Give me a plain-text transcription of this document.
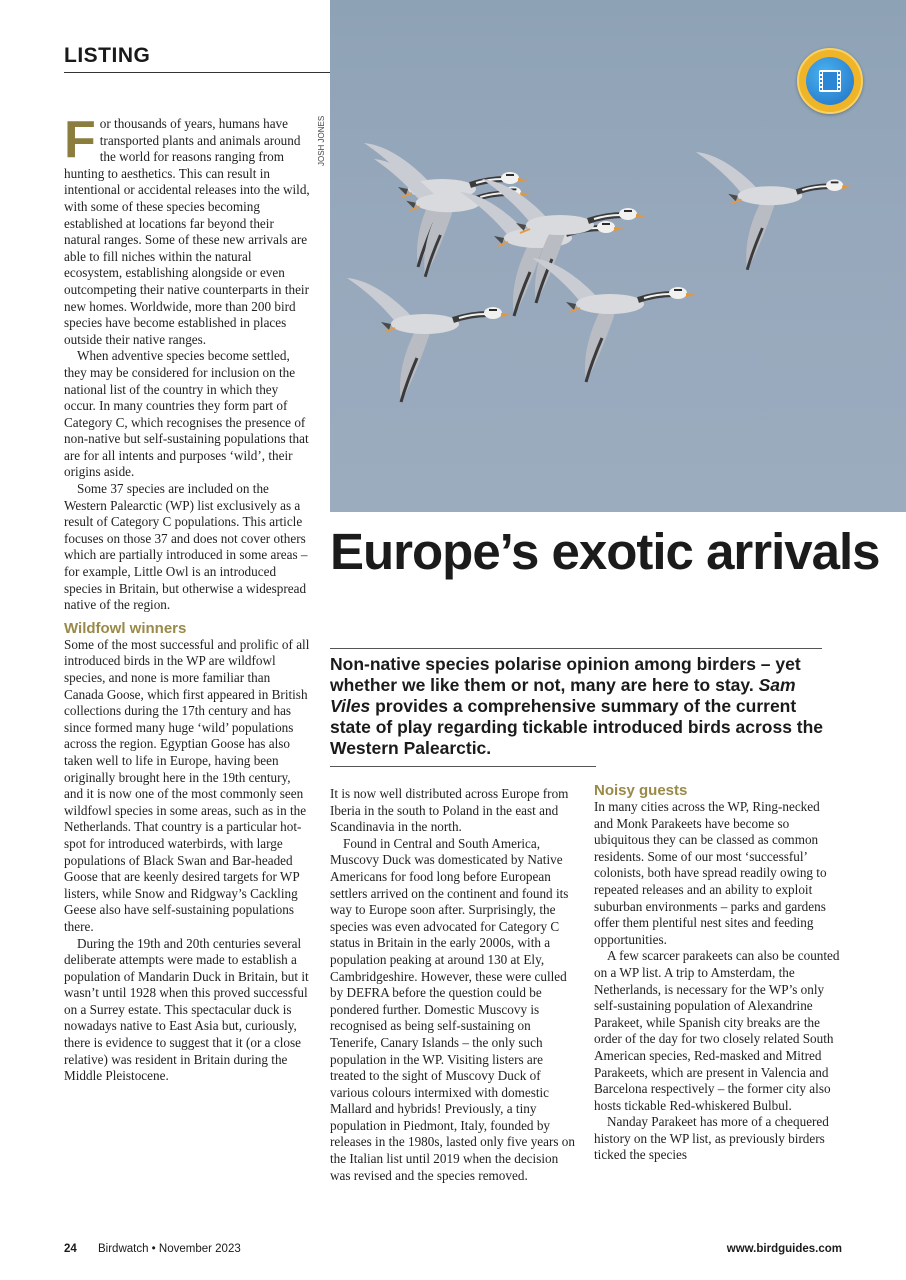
LISTING
JOSH JONES
Europe’s exotic arrivals
Non-native species polarise opinion among birders – yet whether we like them or not, many are here to stay. Sam Viles provides a comprehensive summary of the current state of play regarding tickable introduced birds across the Western Palearctic.

For thousands of years, humans have transported plants and animals around the world for reasons ranging from hunting to aesthetics. This can result in intentional or accidental releases into the wild, with some of these species becoming established at locations far beyond their natural ranges. Some of these new arrivals are able to fill niches within the natural ecosystem, establishing alongside or even outcompeting their native counterparts in their new homes. Worldwide, more than 200 bird species have become established in places outside their native ranges.

When adventive species become settled, they may be considered for inclusion on the national list of the country in which they occur. In many countries they form part of Category C, which recognises the presence of non-native but self-sustaining populations that are for all intents and purposes ‘wild’, their origins aside.

Some 37 species are included on the Western Palearctic (WP) list exclusively as a result of Category C populations. This article focuses on those 37 and does not cover others which are partially introduced in some areas – for example, Little Owl is an introduced species in Britain, but otherwise a widespread native of the region.

Wildfowl winners

Some of the most successful and prolific of all introduced birds in the WP are wildfowl species, and none is more familiar than Canada Goose, which first appeared in British collections during the 17th century and has since formed many huge ‘wild’ populations across the region. Egyptian Goose has also taken well to life in Europe, having been originally brought here in the 19th century, and it is now one of the most commonly seen wildfowl species in some areas, such as in the Netherlands. That country is a particular hot-spot for introduced waterbirds, with large populations of Black Swan and Bar-headed Goose that are keenly desired targets for WP listers, while Snow and Ridgway’s Cackling Geese also have self-sustaining populations there.

During the 19th and 20th centuries several deliberate attempts were made to establish a population of Mandarin Duck in Britain, but it wasn’t until 1928 when this proved successful on a Surrey estate. This spectacular duck is nowadays native to East Asia but, curiously, there is evidence to suggest that it (or a close relative) was resident in Britain during the Middle Pleistocene.

It is now well distributed across Europe from Iberia in the south to Poland in the east and Scandinavia in the north.

Found in Central and South America, Muscovy Duck was domesticated by Native Americans for food long before European settlers arrived on the continent and found its way to Europe soon after. Surprisingly, the species was even advocated for Category C status in Britain in the early 2000s, with a population peaking at around 130 at Ely, Cambridgeshire. However, these were culled by DEFRA before the question could be pondered further. Domestic Muscovy is recognised as being self-sustaining on Tenerife, Canary Islands – the only such population in the WP. Visiting listers are treated to the sight of Muscovy Duck of various colours intermixed with domestic Mallard and hybrids! Previously, a tiny population in Piedmont, Italy, founded by releases in the 1980s, lasted only five years on the Italian list until 2019 when the decision was revised and the species removed.

Noisy guests

In many cities across the WP, Ring-necked and Monk Parakeets have become so ubiquitous they can be classed as common residents. Some of our most ‘successful’ colonists, both have spread readily owing to repeated releases and an ability to exploit suburban environments – parks and gardens offer them plentiful nest sites and feeding opportunities.

A few scarcer parakeets can also be counted on a WP list. A trip to Amsterdam, the Netherlands, is necessary for the WP’s only self-sustaining population of Alexandrine Parakeet, while Spanish city breaks are the order of the day for two closely related South American species, Red-masked and Mitred Parakeets, which are present in Valencia and Barcelona respectively – the former city also hosts tickable Red-whiskered Bulbul.

Nanday Parakeet has more of a chequered history on the WP list, as previously birders ticked the species

24 Birdwatch • November 2023	www.birdguides.com
